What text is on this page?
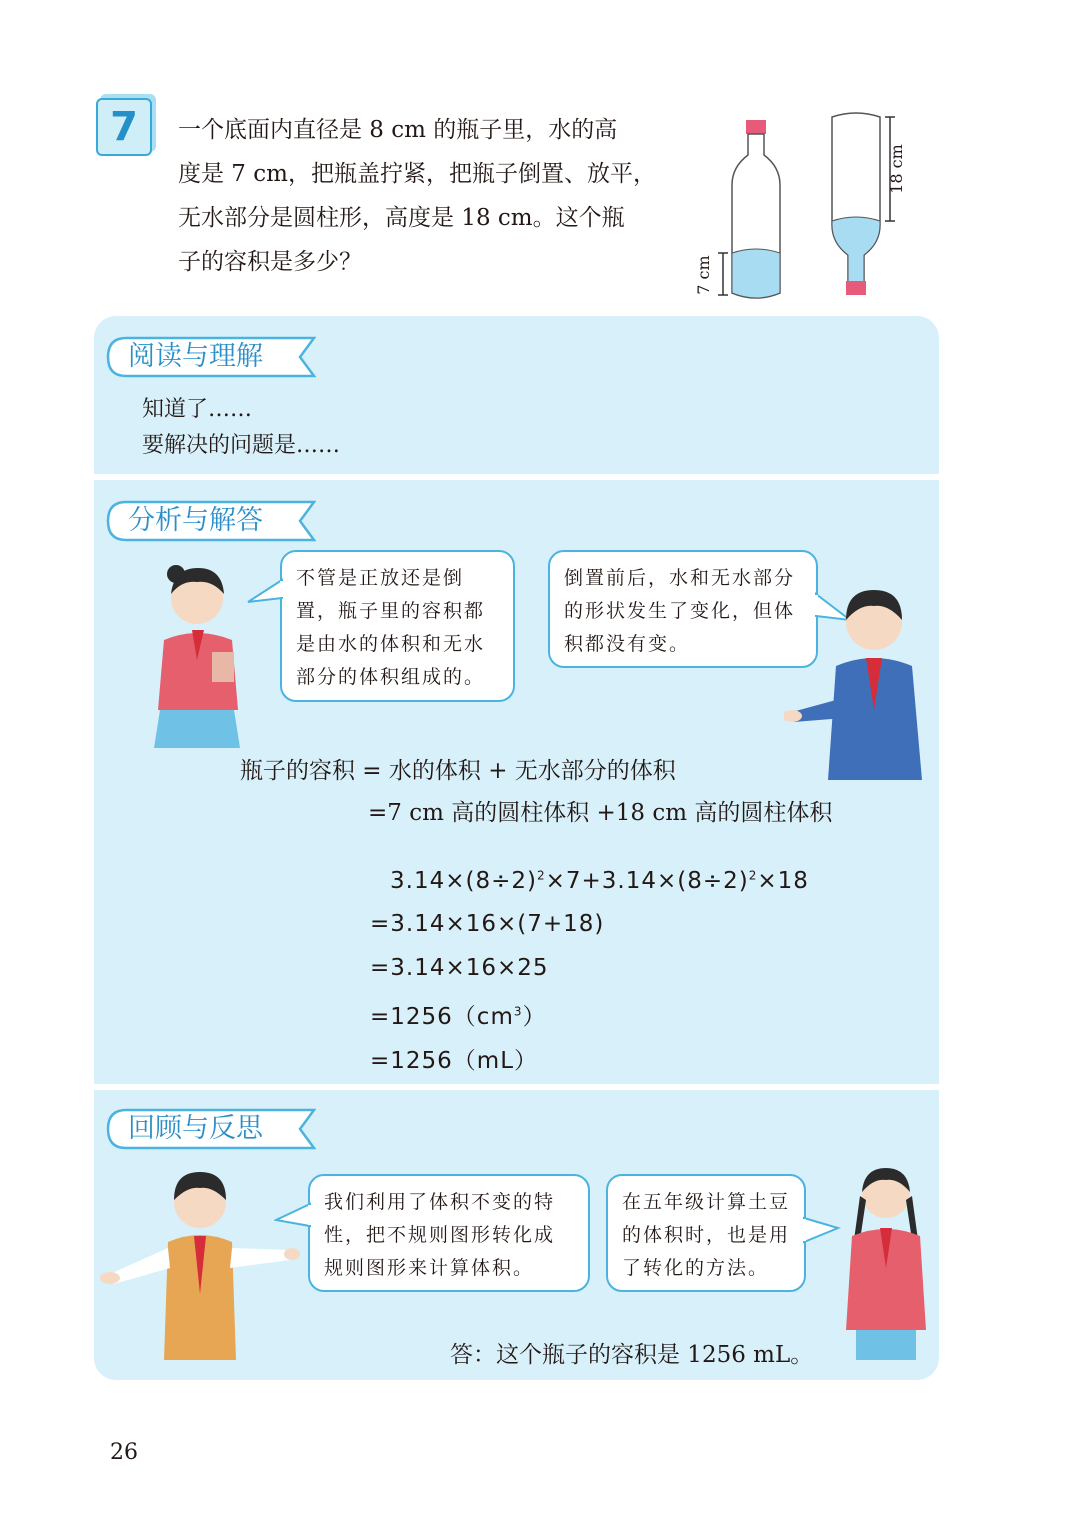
7	一个底面内直径是 8 cm 的瓶子里，水的高

度是 7 cm，把瓶盖拧紧，把瓶子倒置、放平，

无水部分是圆柱形，高度是 18 cm。这个瓶

子的容积是多少？	7 cm
18 cm
阅读与理解
知道了……
要解决的问题是……
分析与解答

不管是正放还是倒

置，瓶子里的容积都

是由水的体积和无水

部分的体积组成的。

倒置前后，水和无水部分

的形状发生了变化，但体

积都没有变。

瓶子的容积 = 水的体积 + 无水部分的体积
=7 cm 高的圆柱体积 +18 cm 高的圆柱体积
$3.14\times(8\div 2)^2\times 7+3.14\times(8\div 2)^2\times 18$
=3.14×16×(7+18)
=3.14×16×25
$=1256(cm^3)$
=1256（mL）
回顾与反思

我们利用了体积不变的特

性，把不规则图形转化成

规则图形来计算体积。

在五年级计算土豆

的体积时，也是用

了转化的方法。

答：这个瓶子的容积是 1256 mL。
26
